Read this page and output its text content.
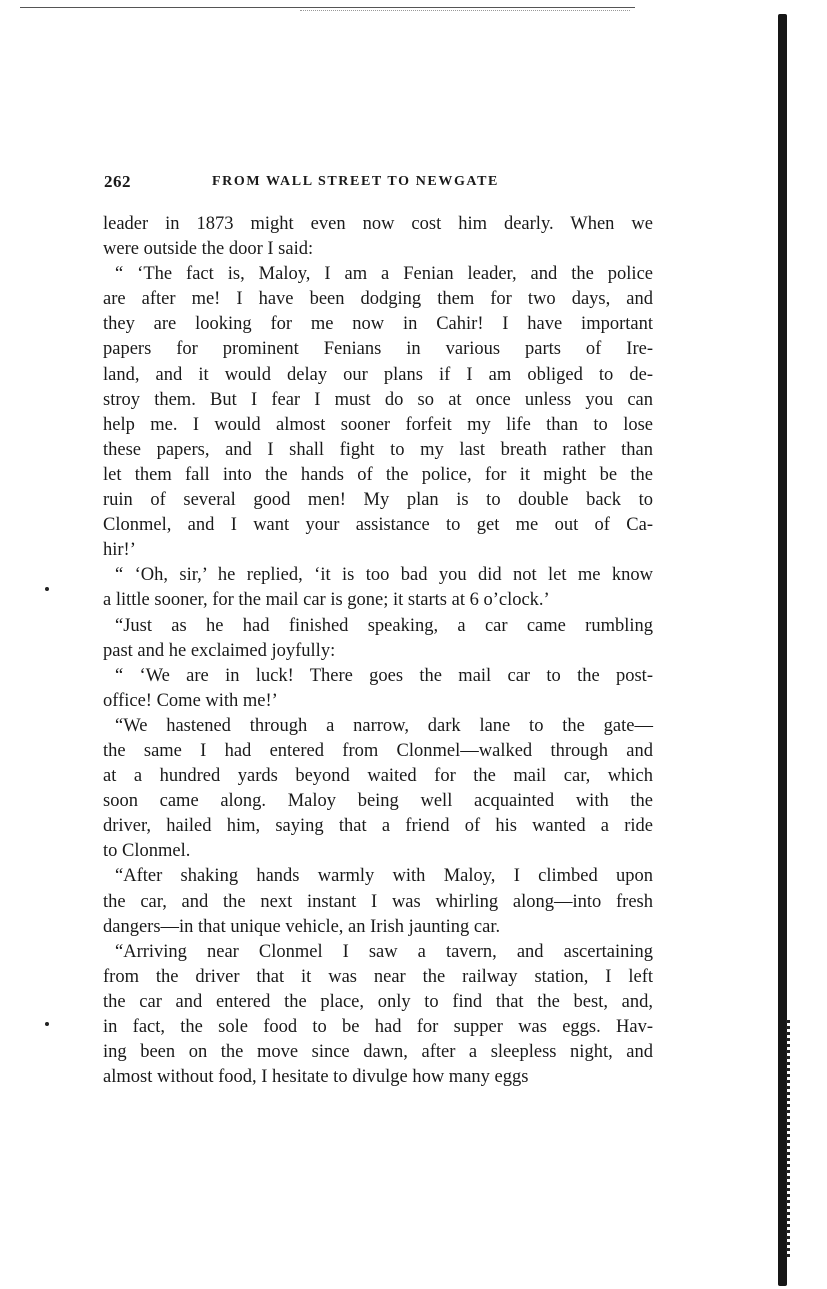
262	FROM WALL STREET TO NEWGATE
leader in 1873 might even now cost him dearly. When we
were outside the door I said:
“ ‘The fact is, Maloy, I am a Fenian leader, and the police
are after me! I have been dodging them for two days, and
they are looking for me now in Cahir! I have important
papers for prominent Fenians in various parts of Ire-
land, and it would delay our plans if I am obliged to de-
stroy them. But I fear I must do so at once unless you can
help me. I would almost sooner forfeit my life than to lose
these papers, and I shall fight to my last breath rather than
let them fall into the hands of the police, for it might be the
ruin of several good men! My plan is to double back to
Clonmel, and I want your assistance to get me out of Ca-
hir!’
“ ‘Oh, sir,’ he replied, ‘it is too bad you did not let me know
a little sooner, for the mail car is gone; it starts at 6 o’clock.’
“Just as he had finished speaking, a car came rumbling
past and he exclaimed joyfully:
“ ‘We are in luck! There goes the mail car to the post-
office! Come with me!’
“We hastened through a narrow, dark lane to the gate—
the same I had entered from Clonmel—walked through and
at a hundred yards beyond waited for the mail car, which
soon came along. Maloy being well acquainted with the
driver, hailed him, saying that a friend of his wanted a ride
to Clonmel.
“After shaking hands warmly with Maloy, I climbed upon
the car, and the next instant I was whirling along—into fresh
dangers—in that unique vehicle, an Irish jaunting car.
“Arriving near Clonmel I saw a tavern, and ascertaining
from the driver that it was near the railway station, I left
the car and entered the place, only to find that the best, and,
in fact, the sole food to be had for supper was eggs. Hav-
ing been on the move since dawn, after a sleepless night, and
almost without food, I hesitate to divulge how many eggs
